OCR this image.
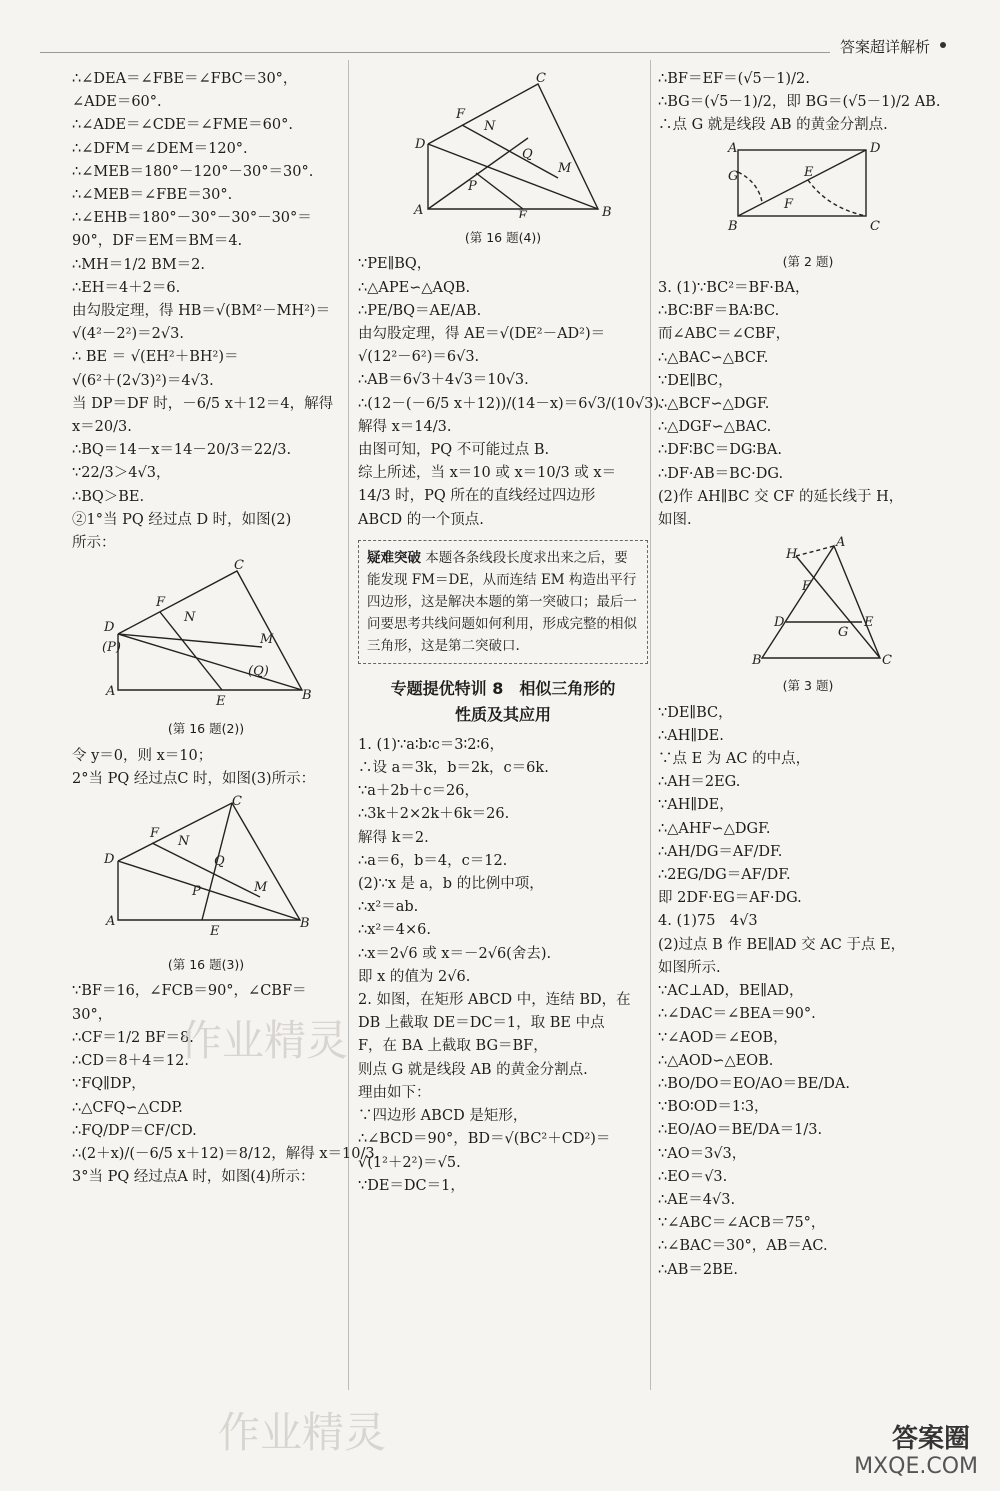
答案超详解析
∴∠DEA＝∠FBE＝∠FBC＝30°，
∠ADE＝60°.
∴∠ADE＝∠CDE＝∠FME＝60°.
∴∠DFM＝∠DEM＝120°.
∴∠MEB＝180°－120°－30°＝30°.
∴∠MEB＝∠FBE＝30°.
∴∠EHB＝180°－30°－30°－30°＝
90°，DF＝EM＝BM＝4.
∴MH＝1/2 BM＝2.
∴EH＝4＋2＝6.
由勾股定理，得 HB＝√(BM²－MH²)＝
√(4²－2²)＝2√3.
∴ BE ＝ √(EH²＋BH²)＝
√(6²＋(2√3)²)＝4√3.
当 DP＝DF 时，－6/5 x＋12＝4，解得
x＝20/3.
∴BQ＝14－x＝14－20/3＝22/3.
∵22/3＞4√3，
∴BQ＞BE.
②1°当 PQ 经过点 D 时，如图(2)
所示：
C
F
N
D
(P)
M
(Q)
A
E	B
(第 16 题(2))
令 y＝0，则 x＝10；
2°当 PQ 经过点C 时，如图(3)所示：
C
F
N
D	Q
P	M
A
E
B
(第 16 题(3))
∵BF＝16，∠FCB＝90°，∠CBF＝
30°，
∴CF＝1/2 BF＝8.
∴CD＝8＋4＝12.
∵FQ∥DP，
∴△CFQ∽△CDP.
∴FQ/DP＝CF/CD.
∴(2＋x)/(－6/5 x＋12)＝8/12，解得 x＝10/3.
3°当 PQ 经过点A 时，如图(4)所示：
C
F
N
D
Q
M
P
A	E	B
(第 16 题(4))
∵PE∥BQ，
∴△APE∽△AQB.
∴PE/BQ＝AE/AB.
由勾股定理，得 AE＝√(DE²－AD²)＝
√(12²－6²)＝6√3.
∴AB＝6√3＋4√3＝10√3.
∴(12－(－6/5 x＋12))/(14－x)＝6√3/(10√3).
解得 x＝14/3.
由图可知，PQ 不可能过点 B.
综上所述，当 x＝10 或 x＝10/3 或 x＝
14/3 时，PQ 所在的直线经过四边形
ABCD 的一个顶点.
疑难突破 本题各条线段长度求出来之后，要能发现 FM＝DE，从而连结 EM 构造出平行四边形，这是解决本题的第一突破口；最后一问要思考共线问题如何利用，形成完整的相似三角形，这是第二突破口.
专题提优特训 8　相似三角形的
性质及其应用
1. (1)∵a∶b∶c＝3∶2∶6，
∴设 a＝3k，b＝2k，c＝6k.
∵a＋2b＋c＝26，
∴3k＋2×2k＋6k＝26.
解得 k＝2.
∴a＝6，b＝4，c＝12.
(2)∵x 是 a，b 的比例中项，
∴x²＝ab.
∴x²＝4×6.
∴x＝2√6 或 x＝－2√6(舍去).
即 x 的值为 2√6.
2. 如图，在矩形 ABCD 中，连结 BD，在
DB 上截取 DE＝DC＝1，取 BE 中点
F，在 BA 上截取 BG＝BF，
则点 G 就是线段 AB 的黄金分割点.
理由如下：
∵四边形 ABCD 是矩形，
∴∠BCD＝90°，BD＝√(BC²＋CD²)＝
√(1²＋2²)＝√5.
∵DE＝DC＝1，
∴BF＝EF＝(√5－1)/2.
∴BG＝(√5－1)/2，即 BG＝(√5－1)/2 AB.
∴点 G 就是线段 AB 的黄金分割点.
A	D
G	E
F
B	C
(第 2 题)
3. (1)∵BC²＝BF·BA，
∴BC∶BF＝BA∶BC.
而∠ABC＝∠CBF，
∴△BAC∽△BCF.
∵DE∥BC，
∴△BCF∽△DGF.
∴△DGF∽△BAC.
∴DF∶BC＝DG∶BA.
∴DF·AB＝BC·DG.
(2)作 AH∥BC 交 CF 的延长线于 H，
如图.
A
H
F
D	E
G
B	C
(第 3 题)
∵DE∥BC，
∴AH∥DE.
∵点 E 为 AC 的中点，
∴AH＝2EG.
∵AH∥DE，
∴△AHF∽△DGF.
∴AH/DG＝AF/DF.
∴2EG/DG＝AF/DF.
即 2DF·EG＝AF·DG.
4. (1)75　4√3
(2)过点 B 作 BE∥AD 交 AC 于点 E，
如图所示.
∵AC⊥AD，BE∥AD，
∴∠DAC＝∠BEA＝90°.
∵∠AOD＝∠EOB，
∴△AOD∽△EOB.
∴BO/DO＝EO/AO＝BE/DA.
∵BO∶OD＝1∶3，
∴EO/AO＝BE/DA＝1/3.
∵AO＝3√3，
∴EO＝√3.
∴AE＝4√3.
∵∠ABC＝∠ACB＝75°，
∴∠BAC＝30°，AB＝AC.
∴AB＝2BE.
作业精灵
作业精灵	答案圈
MXQE.COM
